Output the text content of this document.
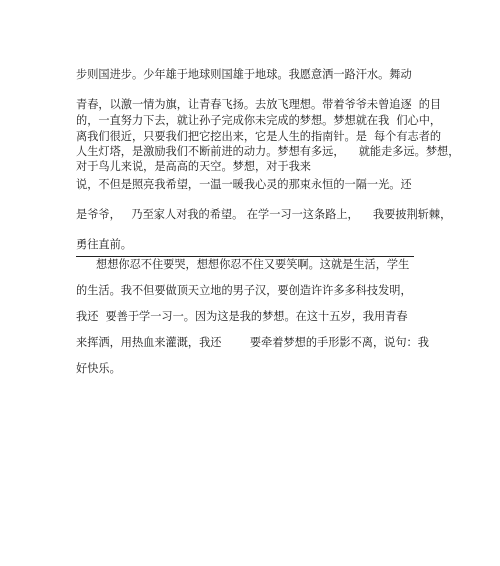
步则国进步。少年雄于地球则国雄于地球。我愿意洒一路汗水。舞动
青春，以激一情为旗，让青春飞扬。去放飞理想。带着爷爷未曾追逐  的目
的，一直努力下去，就让孙子完成你未完成的梦想。梦想就在我  们心中，
离我们很近，只要我们把它挖出来，它是人生的指南针。是  每个有志者的
人生灯塔，是激励我们不断前进的动力。梦想有多远，    就能走多远。梦想，
对于鸟儿来说，是高高的天空。梦想，对于我来
说，不但是照亮我希望，一温一暖我心灵的那束永恒的一隔一光。还
是爷爷，   乃至家人对我的希望。 在学一习一这条路上，    我要披荆斩棘，
勇往直前。
想想你忍不住要哭，想想你忍不住又要笑啊。这就是生活，学生
的生活。我不但要做顶天立地的男子汉，要创造许许多多科技发明，
我还  要善于学一习一。因为这是我的梦想。在这十五岁，我用青春
来挥洒，用热血来灌溉，我还        要牵着梦想的手形影不离，说句：我
好快乐。
